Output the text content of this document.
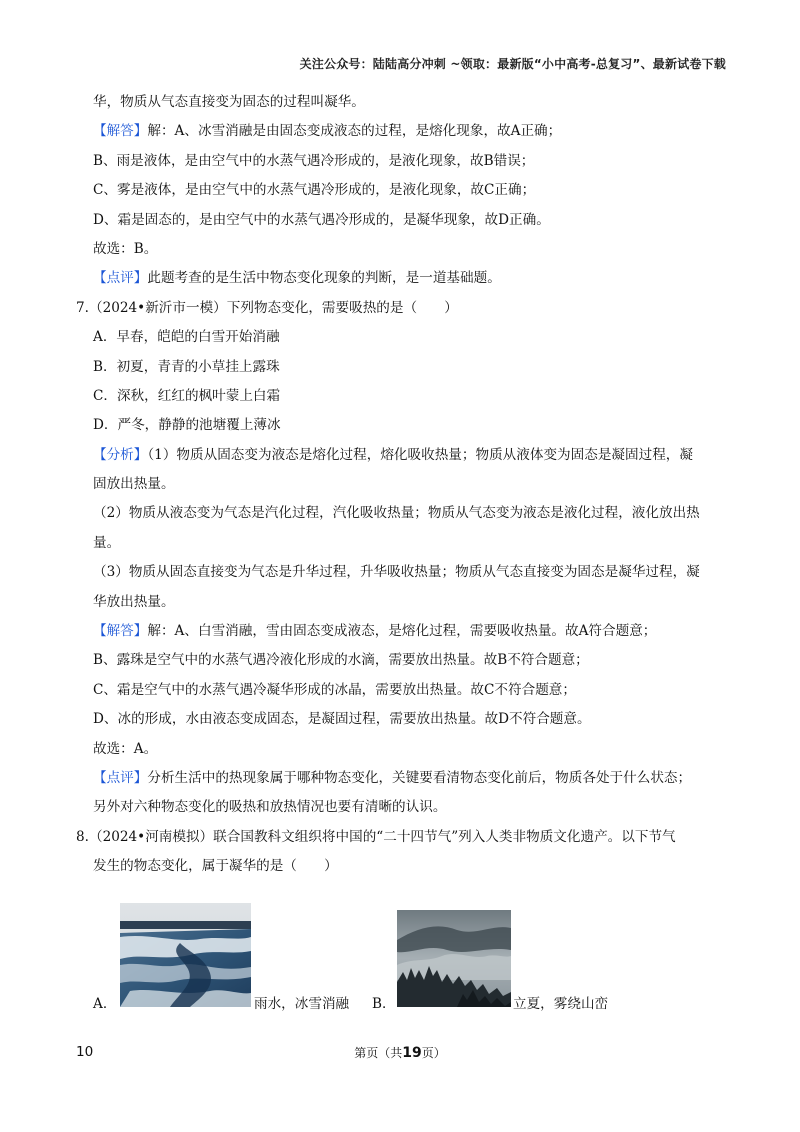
关注公众号：陆陆高分冲刺 ~领取：最新版“小中高考-总复习”、最新试卷下载
华，物质从气态直接变为固态的过程叫凝华。
【解答】解：A、冰雪消融是由固态变成液态的过程，是熔化现象，故A正确；
B、雨是液体，是由空气中的水蒸气遇冷形成的，是液化现象，故B错误；
C、雾是液体，是由空气中的水蒸气遇冷形成的，是液化现象，故C正确；
D、霜是固态的，是由空气中的水蒸气遇冷形成的，是凝华现象，故D正确。
故选：B。
【点评】此题考查的是生活中物态变化现象的判断，是一道基础题。
7.（2024•新沂市一模）下列物态变化，需要吸热的是（　　）
A．早春，皑皑的白雪开始消融
B．初夏，青青的小草挂上露珠
C．深秋，红红的枫叶蒙上白霜
D．严冬，静静的池塘覆上薄冰
【分析】（1）物质从固态变为液态是熔化过程，熔化吸收热量；物质从液体变为固态是凝固过程，凝
固放出热量。
（2）物质从液态变为气态是汽化过程，汽化吸收热量；物质从气态变为液态是液化过程，液化放出热
量。
（3）物质从固态直接变为气态是升华过程，升华吸收热量；物质从气态直接变为固态是凝华过程，凝
华放出热量。
【解答】解：A、白雪消融，雪由固态变成液态，是熔化过程，需要吸收热量。故A符合题意；
B、露珠是空气中的水蒸气遇冷液化形成的水滴，需要放出热量。故B不符合题意；
C、霜是空气中的水蒸气遇冷凝华形成的冰晶，需要放出热量。故C不符合题意；
D、冰的形成，水由液态变成固态，是凝固过程，需要放出热量。故D不符合题意。
故选：A。
【点评】分析生活中的热现象属于哪种物态变化，关键要看清物态变化前后，物质各处于什么状态；
另外对六种物态变化的吸热和放热情况也要有清晰的认识。
8.（2024•河南模拟）联合国教科文组织将中国的“二十四节气”列入人类非物质文化遗产。以下节气
发生的物态变化，属于凝华的是（　　）
A．	雨水，冰雪消融 B．	立夏，雾绕山峦
10	第页（共19页）
